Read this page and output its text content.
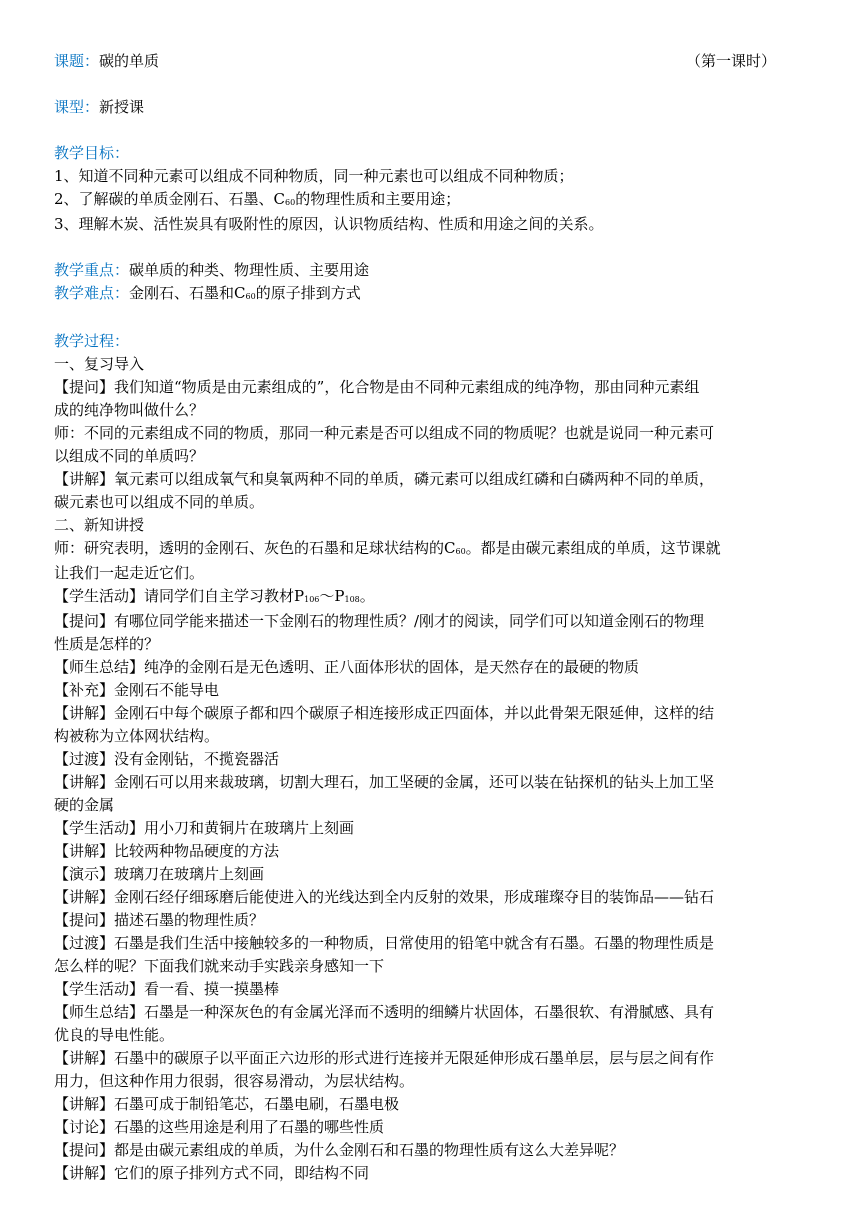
课题：碳的单质	（第一课时）
课型：新授课
教学目标：
1、知道不同种元素可以组成不同种物质，同一种元素也可以组成不同种物质；
2、了解碳的单质金刚石、石墨、$C_{60}$的物理性质和主要用途；
3、理解木炭、活性炭具有吸附性的原因，认识物质结构、性质和用途之间的关系。
教学重点：碳单质的种类、物理性质、主要用途
教学难点：金刚石、石墨和$C_{60}$的原子排到方式
教学过程：
一、复习导入
【提问】我们知道“物质是由元素组成的”，化合物是由不同种元素组成的纯净物，那由同种元素组
成的纯净物叫做什么？
师：不同的元素组成不同的物质，那同一种元素是否可以组成不同的物质呢？也就是说同一种元素可
以组成不同的单质吗？
【讲解】氧元素可以组成氧气和臭氧两种不同的单质，磷元素可以组成红磷和白磷两种不同的单质，
碳元素也可以组成不同的单质。
二、新知讲授
师：研究表明，透明的金刚石、灰色的石墨和足球状结构的$C_{60}$。都是由碳元素组成的单质，这节课就
让我们一起走近它们。
【学生活动】请同学们自主学习教材$P_{106}\sim P_{108}$。
【提问】有哪位同学能来描述一下金刚石的物理性质？/刚才的阅读，同学们可以知道金刚石的物理
性质是怎样的？
【师生总结】纯净的金刚石是无色透明、正八面体形状的固体，是天然存在的最硬的物质
【补充】金刚石不能导电
【讲解】金刚石中每个碳原子都和四个碳原子相连接形成正四面体，并以此骨架无限延伸，这样的结
构被称为立体网状结构。
【过渡】没有金刚钻，不揽瓷器活
【讲解】金刚石可以用来裁玻璃，切割大理石，加工坚硬的金属，还可以装在钻探机的钻头上加工坚
硬的金属
【学生活动】用小刀和黄铜片在玻璃片上刻画
【讲解】比较两种物品硬度的方法
【演示】玻璃刀在玻璃片上刻画
【讲解】金刚石经仔细琢磨后能使进入的光线达到全内反射的效果，形成璀璨夺目的装饰品——钻石
【提问】描述石墨的物理性质？
【过渡】石墨是我们生活中接触较多的一种物质，日常使用的铅笔中就含有石墨。石墨的物理性质是
怎么样的呢？下面我们就来动手实践亲身感知一下
【学生活动】看一看、摸一摸墨棒
【师生总结】石墨是一种深灰色的有金属光泽而不透明的细鳞片状固体，石墨很软、有滑腻感、具有
优良的导电性能。
【讲解】石墨中的碳原子以平面正六边形的形式进行连接并无限延伸形成石墨单层，层与层之间有作
用力，但这种作用力很弱，很容易滑动，为层状结构。
【讲解】石墨可成于制铅笔芯，石墨电刷，石墨电极
【讨论】石墨的这些用途是利用了石墨的哪些性质
【提问】都是由碳元素组成的单质，为什么金刚石和石墨的物理性质有这么大差异呢？
【讲解】它们的原子排列方式不同，即结构不同
